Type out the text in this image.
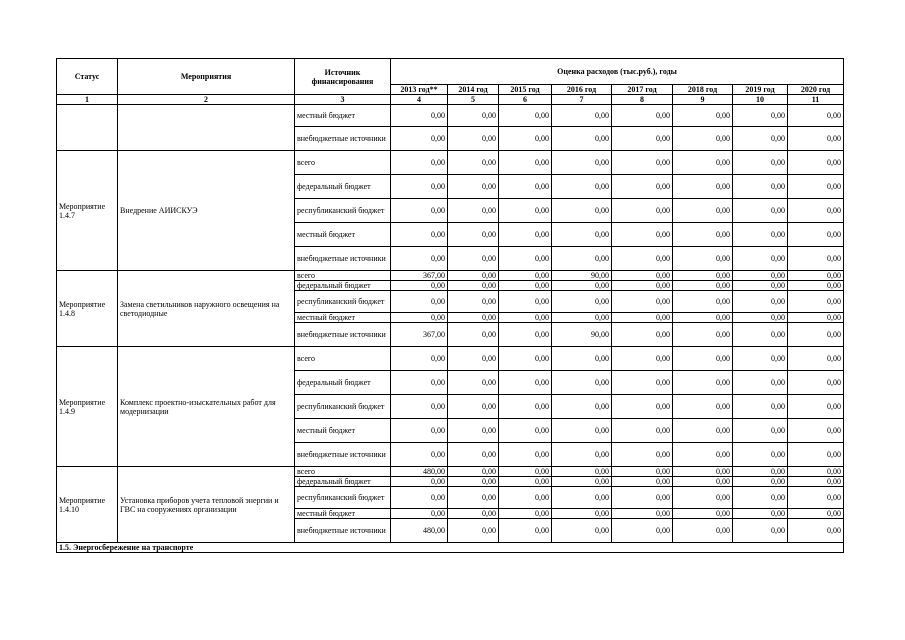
Статус	Мероприятия	Источник финансирования	Оценка расходов (тыс.руб.), годы							
			2013 год**	2014 год	2015 год	2016 год	2017 год	2018 год	2019 год	2020 год
1	2	3	4	5	6	7	8	9	10	11
		местный бюджет	0,00	0,00	0,00	0,00	0,00	0,00	0,00	0,00
		внебюджетные источники	0,00	0,00	0,00	0,00	0,00	0,00	0,00	0,00
Мероприятие 1.4.7	Внедрение АИИСКУЭ	всего	0,00	0,00	0,00	0,00	0,00	0,00	0,00	0,00
		федеральный бюджет	0,00	0,00	0,00	0,00	0,00	0,00	0,00	0,00
		республиканский бюджет	0,00	0,00	0,00	0,00	0,00	0,00	0,00	0,00
		местный бюджет	0,00	0,00	0,00	0,00	0,00	0,00	0,00	0,00
		внебюджетные источники	0,00	0,00	0,00	0,00	0,00	0,00	0,00	0,00
Мероприятие 1.4.8	Замена светильников наружного освещения на светодиодные	всего	367,00	0,00	0,00	90,00	0,00	0,00	0,00	0,00
		федеральный бюджет	0,00	0,00	0,00	0,00	0,00	0,00	0,00	0,00
		республиканский бюджет	0,00	0,00	0,00	0,00	0,00	0,00	0,00	0,00
		местный бюджет	0,00	0,00	0,00	0,00	0,00	0,00	0,00	0,00
		внебюджетные источники	367,00	0,00	0,00	90,00	0,00	0,00	0,00	0,00
Мероприятие 1.4.9	Комплекс проектно-изыскательных работ для модернизации	всего	0,00	0,00	0,00	0,00	0,00	0,00	0,00	0,00
		федеральный бюджет	0,00	0,00	0,00	0,00	0,00	0,00	0,00	0,00
		республиканский бюджет	0,00	0,00	0,00	0,00	0,00	0,00	0,00	0,00
		местный бюджет	0,00	0,00	0,00	0,00	0,00	0,00	0,00	0,00
		внебюджетные источники	0,00	0,00	0,00	0,00	0,00	0,00	0,00	0,00
Мероприятие 1.4.10	Установка приборов учета тепловой энергии и ГВС на сооружениях организации	всего	480,00	0,00	0,00	0,00	0,00	0,00	0,00	0,00
		федеральный бюджет	0,00	0,00	0,00	0,00	0,00	0,00	0,00	0,00
		республиканский бюджет	0,00	0,00	0,00	0,00	0,00	0,00	0,00	0,00
		местный бюджет	0,00	0,00	0,00	0,00	0,00	0,00	0,00	0,00
		внебюджетные источники	480,00	0,00	0,00	0,00	0,00	0,00	0,00	0,00
1.5. Энергосбережение на транспорте										
